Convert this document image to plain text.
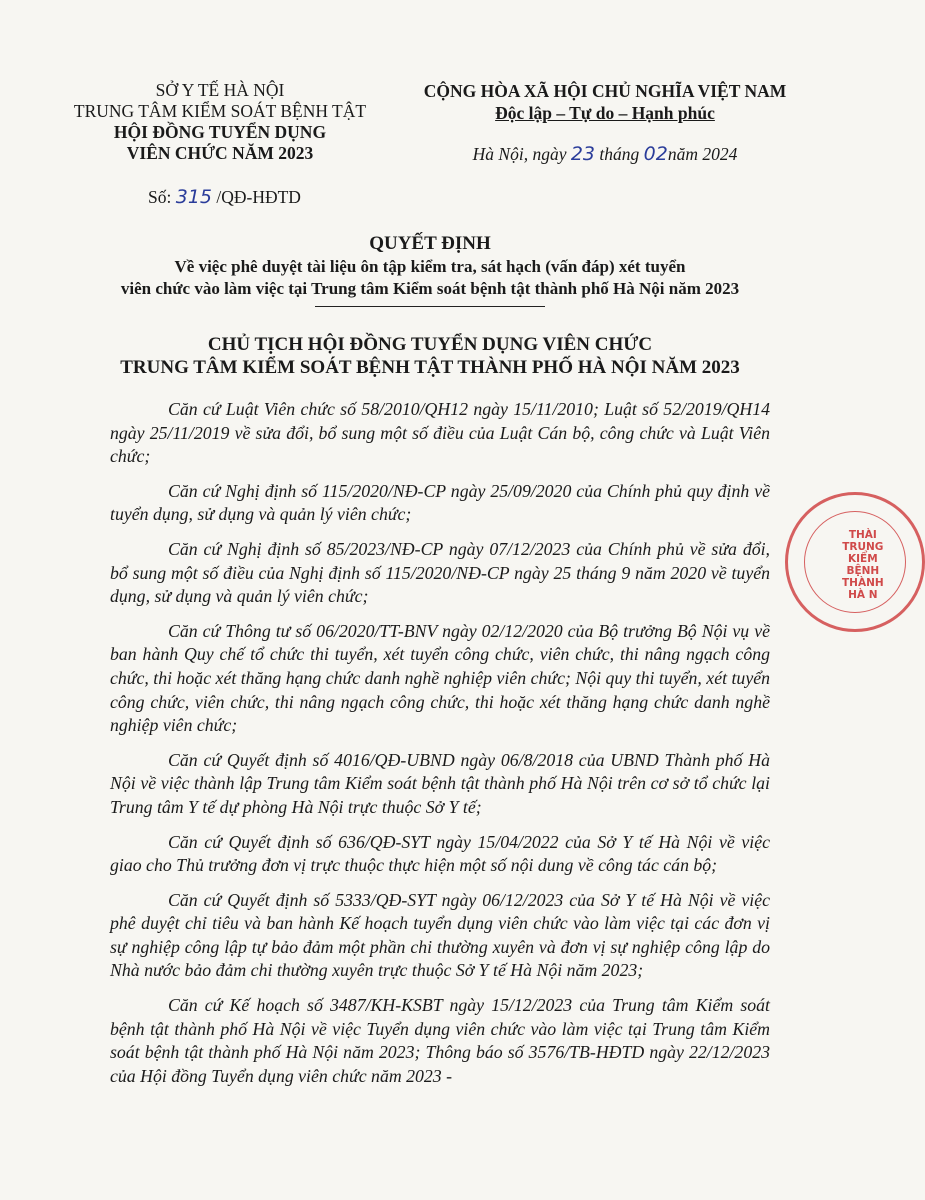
SỞ Y TẾ HÀ NỘI
TRUNG TÂM KIỂM SOÁT BỆNH TẬT
HỘI ĐỒNG TUYỂN DỤNG
VIÊN CHỨC NĂM 2023
CỘNG HÒA XÃ HỘI CHỦ NGHĨA VIỆT NAM
Độc lập – Tự do – Hạnh phúc
Hà Nội, ngày 23 tháng 02năm 2024
Số: 315 /QĐ-HĐTD
QUYẾT ĐỊNH
Về việc phê duyệt tài liệu ôn tập kiểm tra, sát hạch (vấn đáp) xét tuyển
viên chức vào làm việc tại Trung tâm Kiểm soát bệnh tật thành phố Hà Nội năm 2023
CHỦ TỊCH HỘI ĐỒNG TUYỂN DỤNG VIÊN CHỨC
TRUNG TÂM KIỂM SOÁT BỆNH TẬT THÀNH PHỐ HÀ NỘI NĂM 2023

Căn cứ Luật Viên chức số 58/2010/QH12 ngày 15/11/2010; Luật số 52/2019/QH14 ngày 25/11/2019 về sửa đổi, bổ sung một số điều của Luật Cán bộ, công chức và Luật Viên chức;

Căn cứ Nghị định số 115/2020/NĐ-CP ngày 25/09/2020 của Chính phủ quy định về tuyển dụng, sử dụng và quản lý viên chức;

Căn cứ Nghị định số 85/2023/NĐ-CP ngày 07/12/2023 của Chính phủ về sửa đổi, bổ sung một số điều của Nghị định số 115/2020/NĐ-CP ngày 25 tháng 9 năm 2020 về tuyển dụng, sử dụng và quản lý viên chức;

Căn cứ Thông tư số 06/2020/TT-BNV ngày 02/12/2020 của Bộ trưởng Bộ Nội vụ về ban hành Quy chế tổ chức thi tuyển, xét tuyển công chức, viên chức, thi nâng ngạch công chức, thi hoặc xét thăng hạng chức danh nghề nghiệp viên chức; Nội quy thi tuyển, xét tuyển công chức, viên chức, thi nâng ngạch công chức, thi hoặc xét thăng hạng chức danh nghề nghiệp viên chức;

Căn cứ Quyết định số 4016/QĐ-UBND ngày 06/8/2018 của UBND Thành phố Hà Nội về việc thành lập Trung tâm Kiểm soát bệnh tật thành phố Hà Nội trên cơ sở tổ chức lại Trung tâm Y tế dự phòng Hà Nội trực thuộc Sở Y tế;

Căn cứ Quyết định số 636/QĐ-SYT ngày 15/04/2022 của Sở Y tế Hà Nội về việc giao cho Thủ trưởng đơn vị trực thuộc thực hiện một số nội dung về công tác cán bộ;

Căn cứ Quyết định số 5333/QĐ-SYT ngày 06/12/2023 của Sở Y tế Hà Nội về việc phê duyệt chỉ tiêu và ban hành Kế hoạch tuyển dụng viên chức vào làm việc tại các đơn vị sự nghiệp công lập tự bảo đảm một phần chi thường xuyên và đơn vị sự nghiệp công lập do Nhà nước bảo đảm chi thường xuyên trực thuộc Sở Y tế Hà Nội năm 2023;

Căn cứ Kế hoạch số 3487/KH-KSBT ngày 15/12/2023 của Trung tâm Kiểm soát bệnh tật thành phố Hà Nội về việc Tuyển dụng viên chức vào làm việc tại Trung tâm Kiểm soát bệnh tật thành phố Hà Nội năm 2023; Thông báo số 3576/TB-HĐTD ngày 22/12/2023 của Hội đồng Tuyển dụng viên chức năm 2023 -

THÀI
TRUNG
KIỂM
BỆNH
THÀNH
HÀ N
